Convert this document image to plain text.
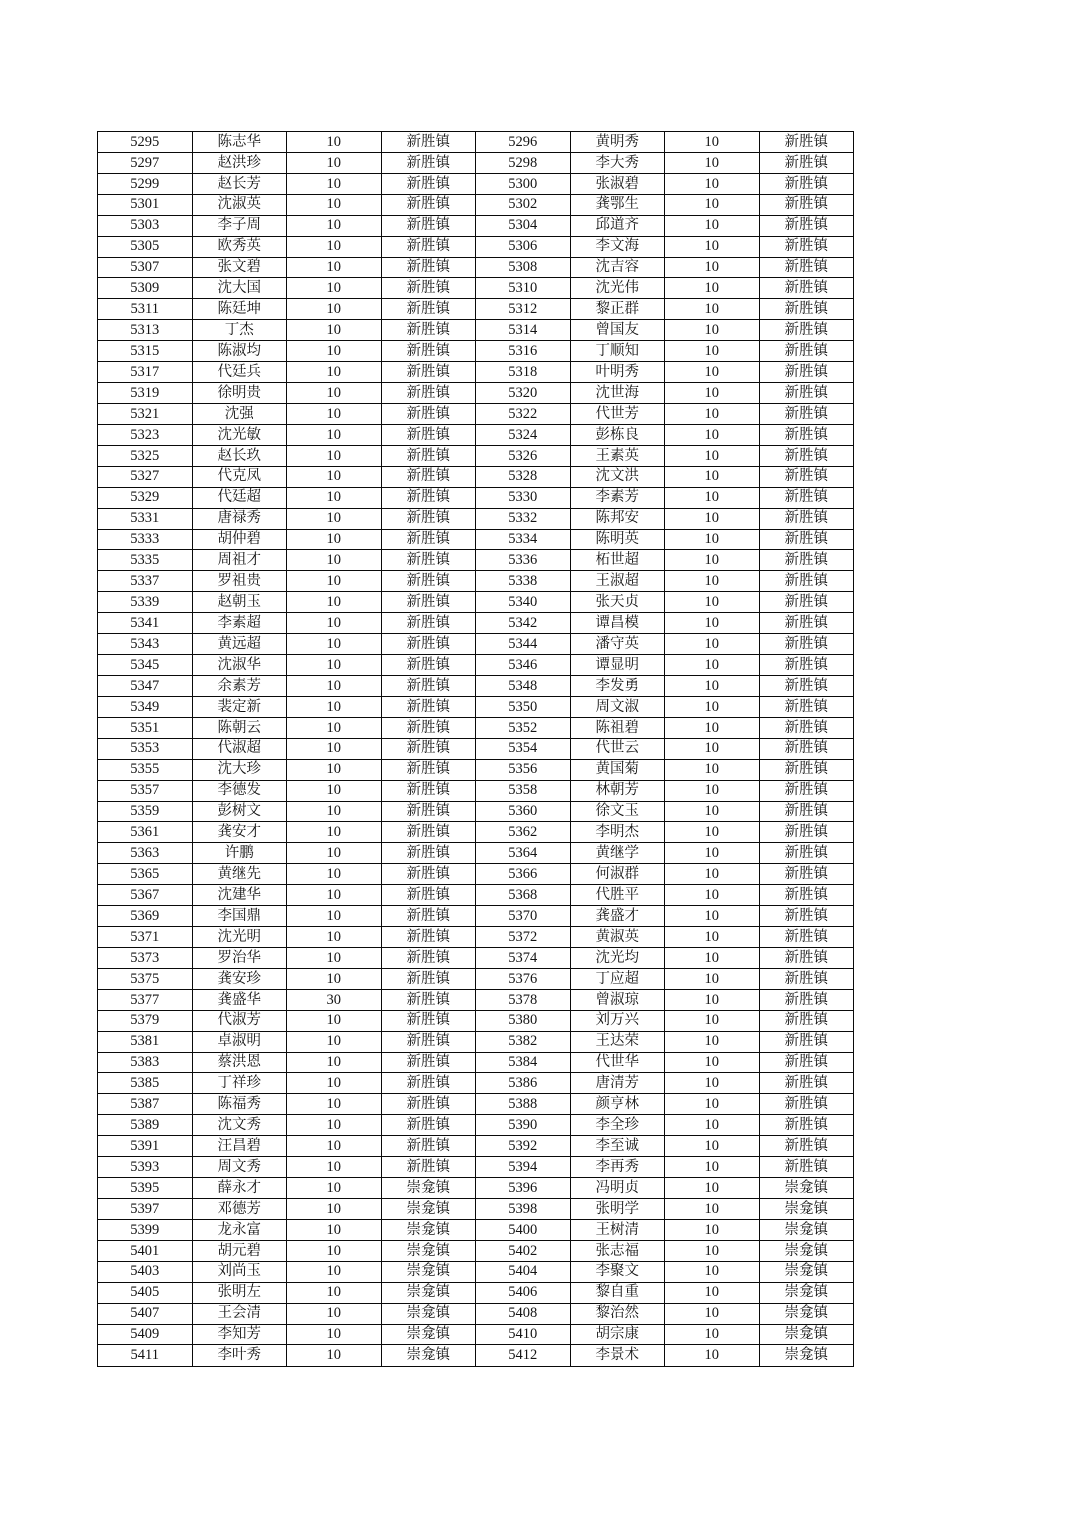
5295	陈志华	10	新胜镇	5296	黄明秀	10	新胜镇
5297	赵洪珍	10	新胜镇	5298	李大秀	10	新胜镇
5299	赵长芳	10	新胜镇	5300	张淑碧	10	新胜镇
5301	沈淑英	10	新胜镇	5302	龚鄂生	10	新胜镇
5303	李子周	10	新胜镇	5304	邱道齐	10	新胜镇
5305	欧秀英	10	新胜镇	5306	李文海	10	新胜镇
5307	张文碧	10	新胜镇	5308	沈吉容	10	新胜镇
5309	沈大国	10	新胜镇	5310	沈光伟	10	新胜镇
5311	陈廷坤	10	新胜镇	5312	黎正群	10	新胜镇
5313	丁杰	10	新胜镇	5314	曾国友	10	新胜镇
5315	陈淑均	10	新胜镇	5316	丁顺知	10	新胜镇
5317	代廷兵	10	新胜镇	5318	叶明秀	10	新胜镇
5319	徐明贵	10	新胜镇	5320	沈世海	10	新胜镇
5321	沈强	10	新胜镇	5322	代世芳	10	新胜镇
5323	沈光敏	10	新胜镇	5324	彭栋良	10	新胜镇
5325	赵长玖	10	新胜镇	5326	王素英	10	新胜镇
5327	代克凤	10	新胜镇	5328	沈文洪	10	新胜镇
5329	代廷超	10	新胜镇	5330	李素芳	10	新胜镇
5331	唐禄秀	10	新胜镇	5332	陈邦安	10	新胜镇
5333	胡仲碧	10	新胜镇	5334	陈明英	10	新胜镇
5335	周祖才	10	新胜镇	5336	柘世超	10	新胜镇
5337	罗祖贵	10	新胜镇	5338	王淑超	10	新胜镇
5339	赵朝玉	10	新胜镇	5340	张天贞	10	新胜镇
5341	李素超	10	新胜镇	5342	谭昌模	10	新胜镇
5343	黄远超	10	新胜镇	5344	潘守英	10	新胜镇
5345	沈淑华	10	新胜镇	5346	谭显明	10	新胜镇
5347	余素芳	10	新胜镇	5348	李发勇	10	新胜镇
5349	裴定新	10	新胜镇	5350	周文淑	10	新胜镇
5351	陈朝云	10	新胜镇	5352	陈祖碧	10	新胜镇
5353	代淑超	10	新胜镇	5354	代世云	10	新胜镇
5355	沈大珍	10	新胜镇	5356	黄国菊	10	新胜镇
5357	李德发	10	新胜镇	5358	林朝芳	10	新胜镇
5359	彭树文	10	新胜镇	5360	徐文玉	10	新胜镇
5361	龚安才	10	新胜镇	5362	李明杰	10	新胜镇
5363	许鹏	10	新胜镇	5364	黄继学	10	新胜镇
5365	黄继先	10	新胜镇	5366	何淑群	10	新胜镇
5367	沈建华	10	新胜镇	5368	代胜平	10	新胜镇
5369	李国鼎	10	新胜镇	5370	龚盛才	10	新胜镇
5371	沈光明	10	新胜镇	5372	黄淑英	10	新胜镇
5373	罗治华	10	新胜镇	5374	沈光均	10	新胜镇
5375	龚安珍	10	新胜镇	5376	丁应超	10	新胜镇
5377	龚盛华	30	新胜镇	5378	曾淑琼	10	新胜镇
5379	代淑芳	10	新胜镇	5380	刘万兴	10	新胜镇
5381	卓淑明	10	新胜镇	5382	王达荣	10	新胜镇
5383	蔡洪恩	10	新胜镇	5384	代世华	10	新胜镇
5385	丁祥珍	10	新胜镇	5386	唐清芳	10	新胜镇
5387	陈福秀	10	新胜镇	5388	颜亨林	10	新胜镇
5389	沈文秀	10	新胜镇	5390	李全珍	10	新胜镇
5391	汪昌碧	10	新胜镇	5392	李至诚	10	新胜镇
5393	周文秀	10	新胜镇	5394	李再秀	10	新胜镇
5395	薛永才	10	崇龛镇	5396	冯明贞	10	崇龛镇
5397	邓德芳	10	崇龛镇	5398	张明学	10	崇龛镇
5399	龙永富	10	崇龛镇	5400	王树清	10	崇龛镇
5401	胡元碧	10	崇龛镇	5402	张志福	10	崇龛镇
5403	刘尚玉	10	崇龛镇	5404	李聚文	10	崇龛镇
5405	张明左	10	崇龛镇	5406	黎自重	10	崇龛镇
5407	王会清	10	崇龛镇	5408	黎治然	10	崇龛镇
5409	李知芳	10	崇龛镇	5410	胡宗康	10	崇龛镇
5411	李叶秀	10	崇龛镇	5412	李景术	10	崇龛镇
